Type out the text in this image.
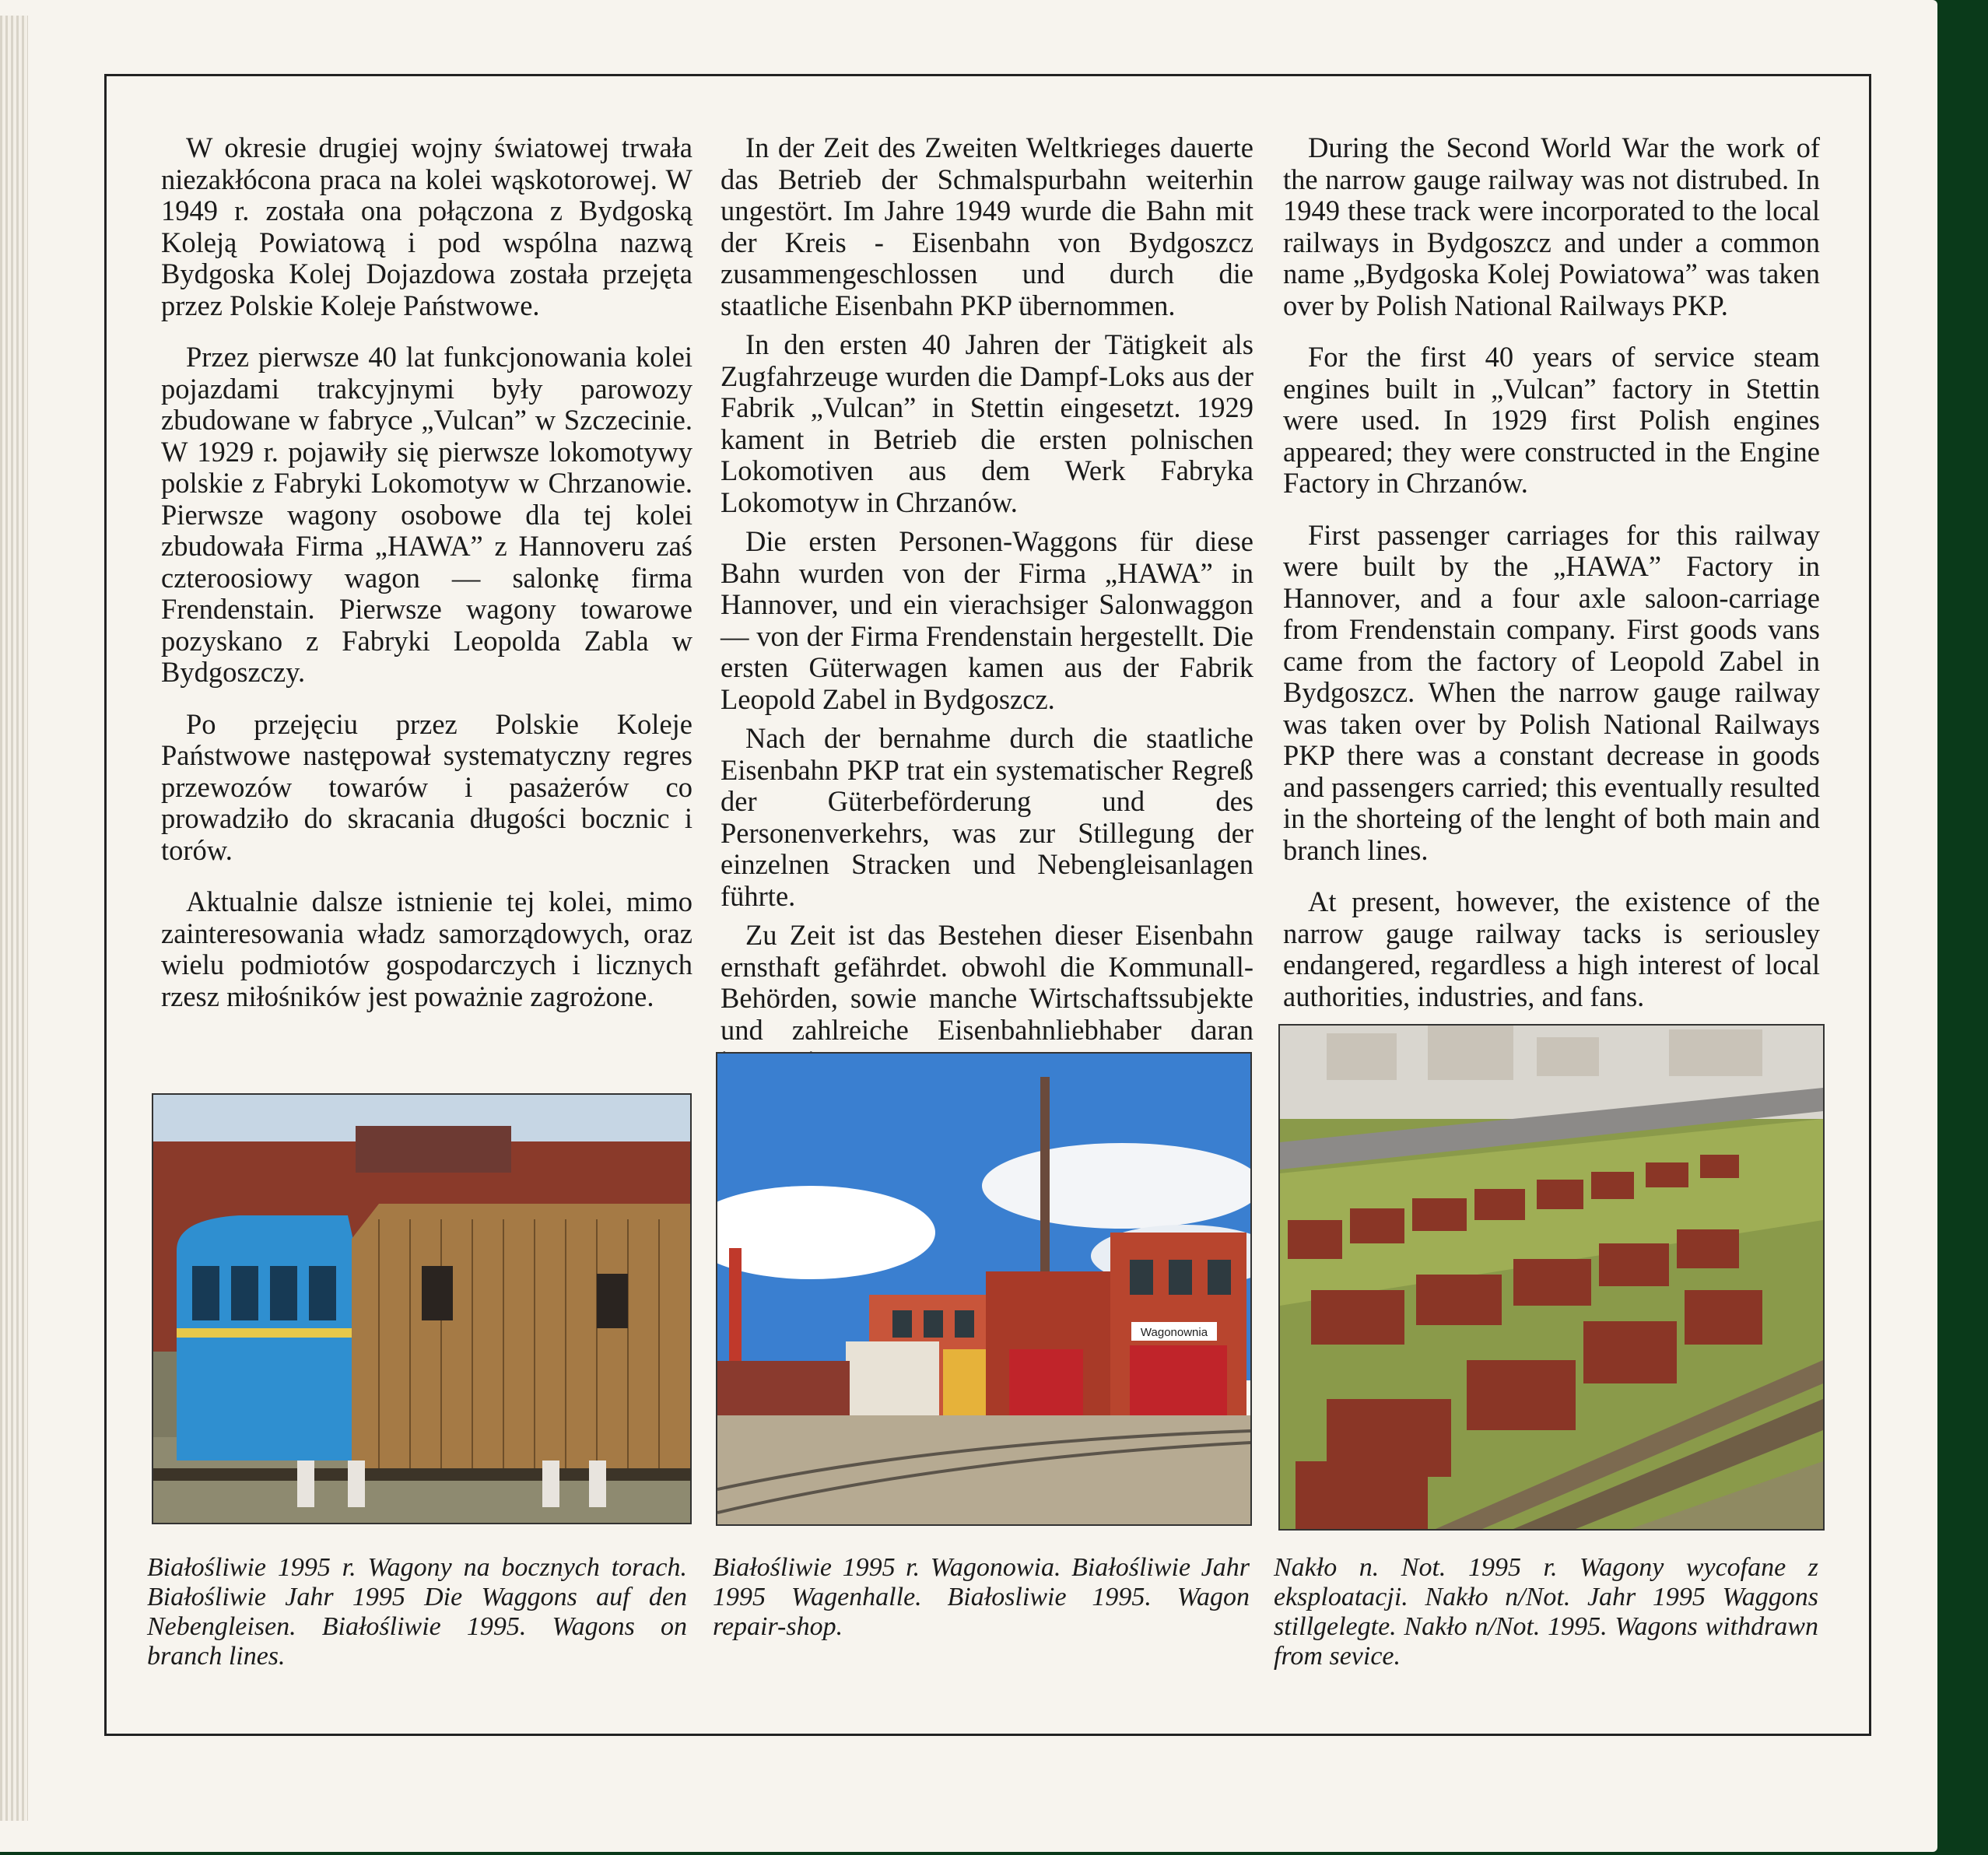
W okresie drugiej wojny światowej trwała niezakłócona praca na kolei wąskotorowej. W 1949 r. została ona połączona z Bydgoską Koleją Powiatową i pod wspólna nazwą Bydgoska Kolej Dojazdowa została przejęta przez Polskie Koleje Państwowe.

Przez pierwsze 40 lat funkcjonowania kolei pojazdami trakcyjnymi były parowozy zbudowane w fabryce „Vulcan” w Szczecinie. W 1929 r. pojawiły się pierwsze lokomotywy polskie z Fabryki Lokomotyw w Chrzanowie. Pierwsze wagony osobowe dla tej kolei zbudowała Firma „HAWA” z Hannoveru zaś czteroosiowy wagon — salonkę firma Frendenstain. Pierwsze wagony towarowe pozyskano z Fabryki Leopolda Zabla w Bydgoszczy.

Po przejęciu przez Polskie Koleje Państwowe następował systematyczny regres przewozów towarów i pasażerów co prowadziło do skracania długości bocznic i torów.

Aktualnie dalsze istnienie tej kolei, mimo zainteresowania władz samorządowych, oraz wielu podmiotów gospodarczych i licznych rzesz miłośników jest poważnie zagrożone.

In der Zeit des Zweiten Weltkrieges dauerte das Betrieb der Schmalspurbahn weiterhin ungestört. Im Jahre 1949 wurde die Bahn mit der Kreis - Eisenbahn von Bydgoszcz zusammengeschlossen und durch die staatliche Eisenbahn PKP übernommen.

In den ersten 40 Jahren der Tätigkeit als Zugfahrzeuge wurden die Dampf-Loks aus der Fabrik „Vulcan” in Stettin eingesetzt. 1929 kament in Betrieb die ersten polnischen Lokomotiven aus dem Werk Fabryka Lokomotyw in Chrzanów.

Die ersten Personen-Waggons für diese Bahn wurden von der Firma „HAWA” in Hannover, und ein vierachsiger Salonwaggon — von der Firma Frendenstain hergestellt. Die ersten Güterwagen kamen aus der Fabrik Leopold Zabel in Bydgoszcz.

Nach der bernahme durch die staatliche Eisenbahn PKP trat ein systematischer Regreß der Güterbeförderung und des Personenverkehrs, was zur Stillegung der einzelnen Stracken und Nebengleisanlagen führte.

Zu Zeit ist das Bestehen dieser Eisenbahn ernsthaft gefährdet. obwohl die Kommunall-Behörden, sowie manche Wirtschaftssubjekte und zahlreiche Eisenbahnliebhaber daran

During the Second World War the work of the narrow gauge railway was not distrubed. In 1949 these track were incorporated to the local railways in Bydgoszcz and under a common name „Bydgoska Kolej Powiatowa” was taken over by Polish National Railways PKP.

For the first 40 years of service steam engines built in „Vulcan” factory in Stettin were used. In 1929 first Polish engines appeared; they were constructed in the Engine Factory in Chrzanów.

First passenger carriages for this railway were built by the „HAWA” Factory in Hannover, and a four axle saloon-carriage from Frendenstain company. First goods vans came from the factory of Leopold Zabel in Bydgoszcz. When the narrow gauge railway was taken over by Polish National Railways PKP there was a constant decrease in goods and passengers carried; this eventually resulted in the shorteing of the lenght of both main and branch lines.

At present, however, the existence of the narrow gauge railway tacks is seriousley endangered, regardless a high interest of local authorities, industries, and fans.

Wagonownia
Białośliwie 1995 r. Wagony na bocznych torach. Białośliwie Jahr 1995 Die Waggons auf den Nebengleisen. Białośliwie 1995. Wagons on branch lines.
Białośliwie 1995 r. Wagonowia. Białośliwie Jahr 1995 Wagenhalle. Białosliwie 1995. Wagon repair-shop.
Nakło n. Not. 1995 r. Wagony wycofane z eksploatacji. Nakło n/Not. Jahr 1995 Waggons stillgelegte. Nakło n/Not. 1995. Wagons withdrawn from sevice.
